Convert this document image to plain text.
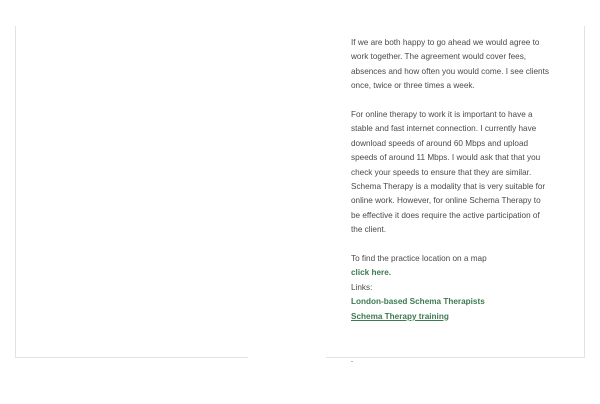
If we are both happy to go ahead we would agree to work together. The agreement would cover fees, absences and how often you would come. I see clients once, twice or three times a week.

For online therapy to work it is important to have a stable and fast internet connection. I currently have download speeds of around 60 Mbps and upload speeds of around 11 Mbps. I would ask that that you check your speeds to ensure that they are similar. Schema Therapy is a modality that is very suitable for online work. However, for online Schema Therapy to be effective it does require the active participation of the client.

To find the practice location on a map

click here.
Links:
London-based Schema Therapists
Schema Therapy training
